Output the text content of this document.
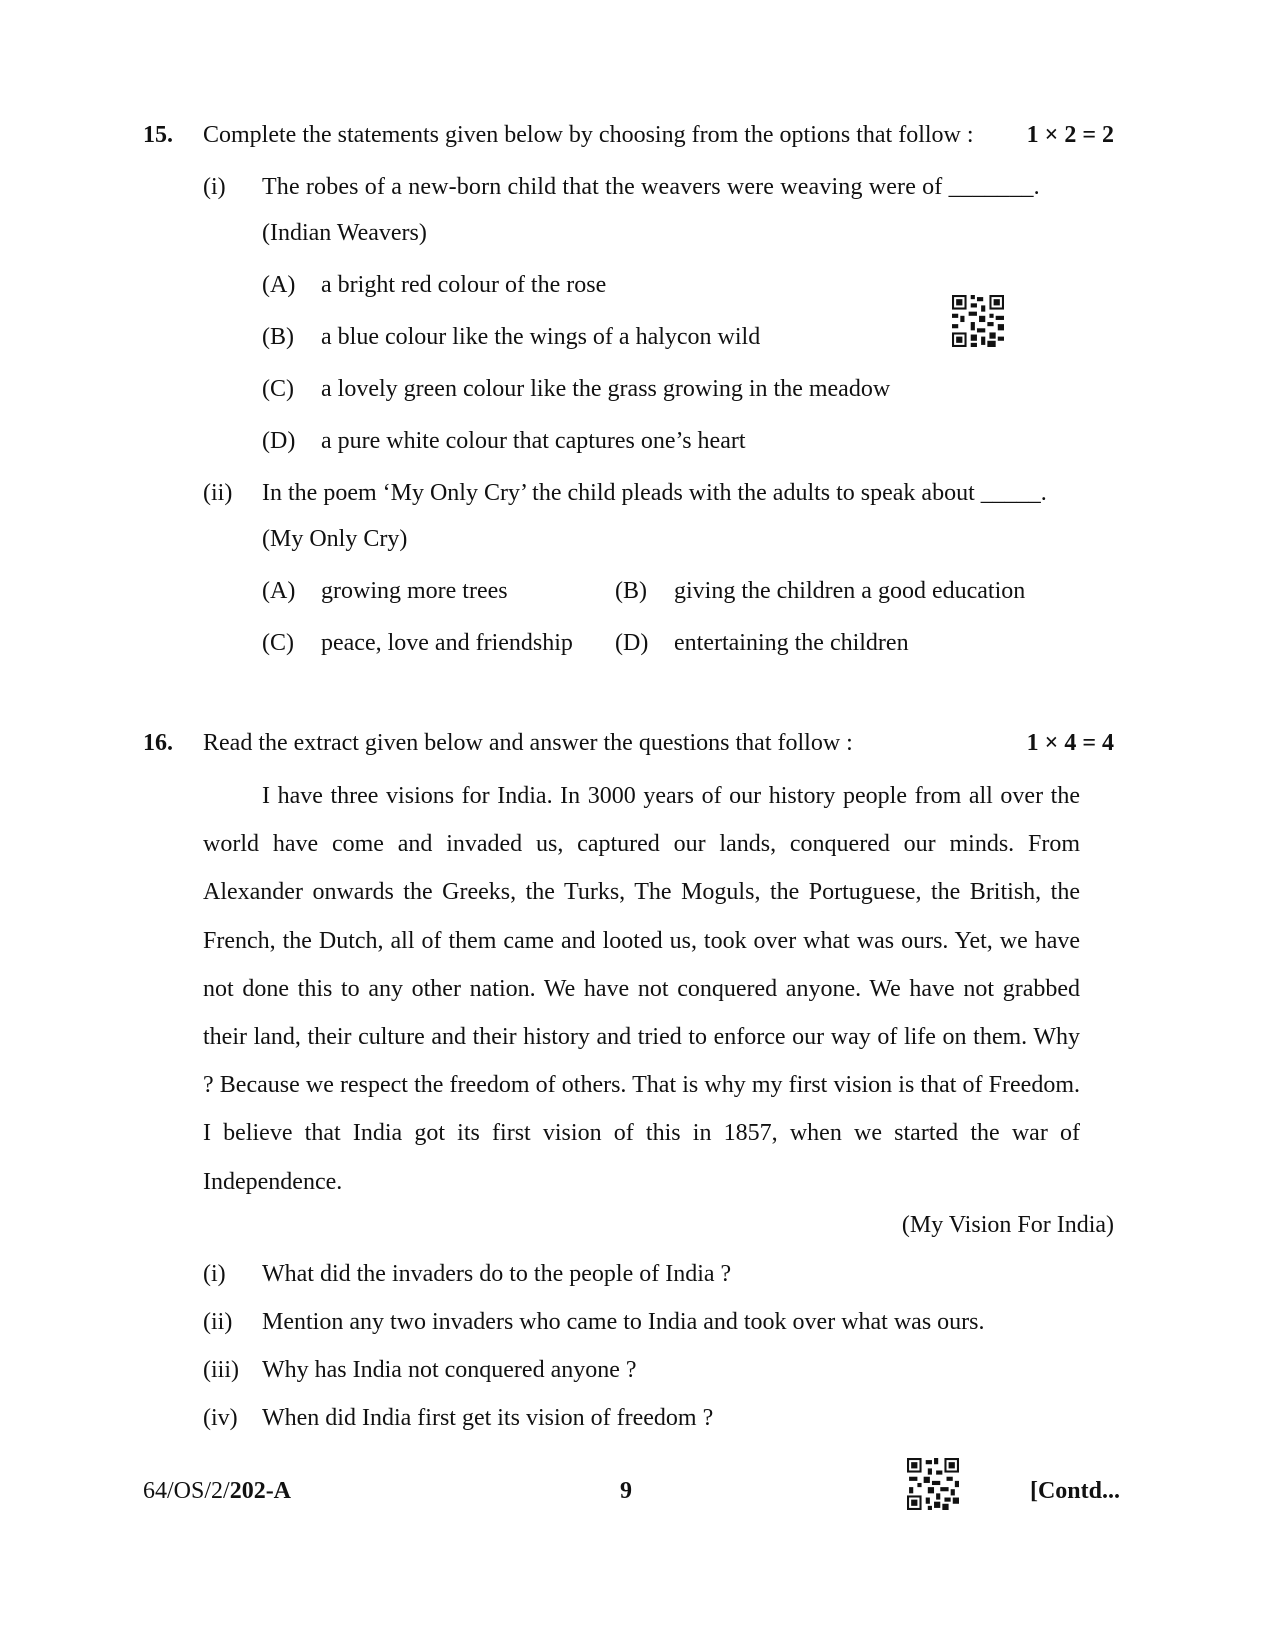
15. Complete the statements given below by choosing from the options that follow : 1 × 2 = 2
(i) The robes of a new-born child that the weavers were weaving were of _______.
(Indian Weavers)
(A) a bright red colour of the rose
(B) a blue colour like the wings of a halycon wild
(C) a lovely green colour like the grass growing in the meadow
(D) a pure white colour that captures one’s heart
(ii) In the poem ‘My Only Cry’ the child pleads with the adults to speak about _____.
(My Only Cry)
(A) growing more trees	(B) giving the children a good education
(C) peace, love and friendship (D) entertaining the children
16. Read the extract given below and answer the questions that follow :	1 × 4 = 4

I have three visions for India. In 3000 years of our history people from all over the world have come and invaded us, captured our lands, conquered our minds. From Alexander onwards the Greeks, the Turks, The Moguls, the Portuguese, the British, the French, the Dutch, all of them came and looted us, took over what was ours. Yet, we have not done this to any other nation. We have not conquered anyone. We have not grabbed their land, their culture and their history and tried to enforce our way of life on them. Why ? Because we respect the freedom of others. That is why my first vision is that of Freedom. I believe that India got its first vision of this in 1857, when we started the war of Independence.

(My Vision For India)
(i) What did the invaders do to the people of India ?
(ii) Mention any two invaders who came to India and took over what was ours.
(iii) Why has India not conquered anyone ?
(iv) When did India first get its vision of freedom ?
64/OS/2/202-A	9	[Contd...
